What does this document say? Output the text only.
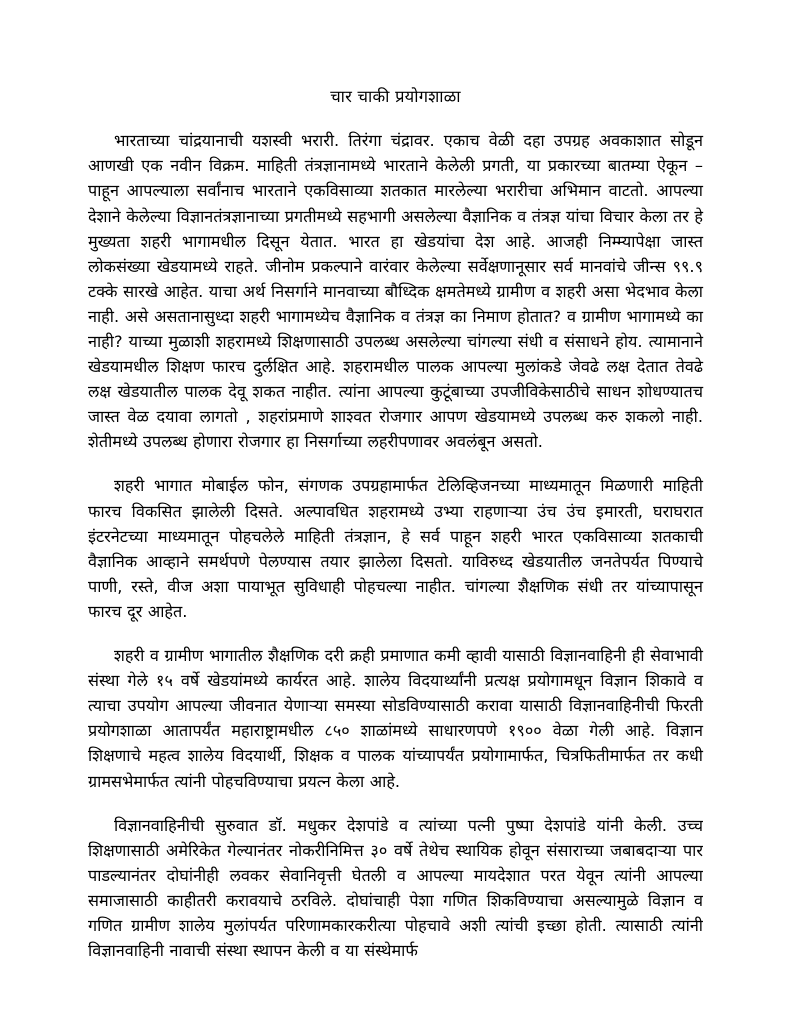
चार चाकी प्रयोगशाळा

भारताच्या चांद्रयानाची यशस्वी भरारी. तिरंगा चंद्रावर. एकाच वेळी दहा उपग्रह अवकाशात सोडून आणखी एक नवीन विक्रम. माहिती तंत्रज्ञानामध्ये भारताने केलेली प्रगती, या प्रकारच्या बातम्या ऐकून –पाहून आपल्याला सर्वांनाच भारताने एकविसाव्या शतकात मारलेल्या भरारीचा अभिमान वाटतो. आपल्या देशाने केलेल्या विज्ञानतंत्रज्ञानाच्या प्रगतीमध्ये सहभागी असलेल्या वैज्ञानिक व तंत्रज्ञ यांचा विचार केला तर हे मुख्यता शहरी भागामधील दिसून येतात. भारत हा खेडयांचा देश आहे. आजही निम्म्यापेक्षा जास्त लोकसंख्या खेडयामध्ये राहते. जीनोम प्रकल्पाने वारंवार केलेल्या सर्वेक्षणानूसार सर्व मानवांचे जीन्स ९९.९ टक्के सारखे आहेत. याचा अर्थ निसर्गाने मानवाच्या बौध्दिक क्षमतेमध्ये ग्रामीण व शहरी असा भेदभाव केला नाही. असे असतानासुध्दा शहरी भागामध्येच वैज्ञानिक व तंत्रज्ञ का निमाण होतात? व ग्रामीण भागामध्ये का नाही? याच्या मुळाशी शहरामध्ये शिक्षणासाठी उपलब्ध असलेल्या चांगल्या संधी व संसाधने होय. त्यामानाने खेडयामधील शिक्षण फारच दुर्लक्षित आहे. शहरामधील पालक आपल्या मुलांकडे जेवढे लक्ष देतात तेवढे लक्ष खेडयातील पालक देवू शकत नाहीत. त्यांना आपल्या कुटूंबाच्या उपजीविकेसाठीचे साधन शोधण्यातच जास्त वेळ दयावा लागतो , शहरांप्रमाणे शाश्वत रोजगार आपण खेडयामध्ये उपलब्ध करु शकलो नाही. शेतीमध्ये उपलब्ध होणारा रोजगार हा निसर्गाच्या लहरीपणावर अवलंबून असतो.

शहरी भागात मोबाईल फोन, संगणक उपग्रहामार्फत टेलिव्हिजनच्या माध्यमातून मिळणारी माहिती फारच विकसित झालेली दिसते. अल्पावधित शहरामध्ये उभ्या राहणाऱ्या उंच उंच इमारती, घराघरात इंटरनेटच्या माध्यमातून पोहचलेले माहिती तंत्रज्ञान, हे सर्व पाहून शहरी भारत एकविसाव्या शतकाची वैज्ञानिक आव्हाने समर्थपणे पेलण्यास तयार झालेला दिसतो. याविरुध्द खेडयातील जनतेपर्यत पिण्याचे पाणी, रस्ते, वीज अशा पायाभूत सुविधाही पोहचल्या नाहीत. चांगल्या शैक्षणिक संधी तर यांच्यापासून फारच दूर आहेत.

शहरी व ग्रामीण भागातील शैक्षणिक दरी क्रही प्रमाणात कमी व्हावी यासाठी विज्ञानवाहिनी ही सेवाभावी संस्था गेले १५ वर्षे खेडयांमध्ये कार्यरत आहे. शालेय विदयार्थ्यांनी प्रत्यक्ष प्रयोगामधून विज्ञान शिकावे व त्याचा उपयोग आपल्या जीवनात येणाऱ्या समस्या सोडविण्यासाठी करावा यासाठी विज्ञानवाहिनीची फिरती प्रयोगशाळा आतापर्यंत महाराष्ट्रामधील ८५० शाळांमध्ये साधारणपणे १९०० वेळा गेली आहे. विज्ञान शिक्षणाचे महत्व शालेय विदयार्थी, शिक्षक व पालक यांच्यापर्यंत प्रयोगामार्फत, चित्रफितीमार्फत तर कधी ग्रामसभेमार्फत त्यांनी पोहचविण्याचा प्रयत्न केला आहे.

विज्ञानवाहिनीची सुरुवात डॉ. मधुकर देशपांडे व त्यांच्या पत्नी पुष्पा देशपांडे यांनी केली. उच्च शिक्षणासाठी अमेरिकेत गेल्यानंतर नोकरीनिमित्त ३० वर्षे तेथेच स्थायिक होवून संसाराच्या जबाबदाऱ्या पार पाडल्यानंतर दोघांनीही लवकर सेवानिवृत्ती घेतली व आपल्या मायदेशात परत येवून त्यांनी आपल्या समाजासाठी काहीतरी करावयाचे ठरविले. दोघांचाही पेशा गणित शिकविण्याचा असल्यामुळे विज्ञान व गणित ग्रामीण शालेय मुलांपर्यत परिणामकारकरीत्या पोहचावे अशी त्यांची इच्छा होती. त्यासाठी त्यांनी विज्ञानवाहिनी नावाची संस्था स्थापन केली व या संस्थेमार्फ
